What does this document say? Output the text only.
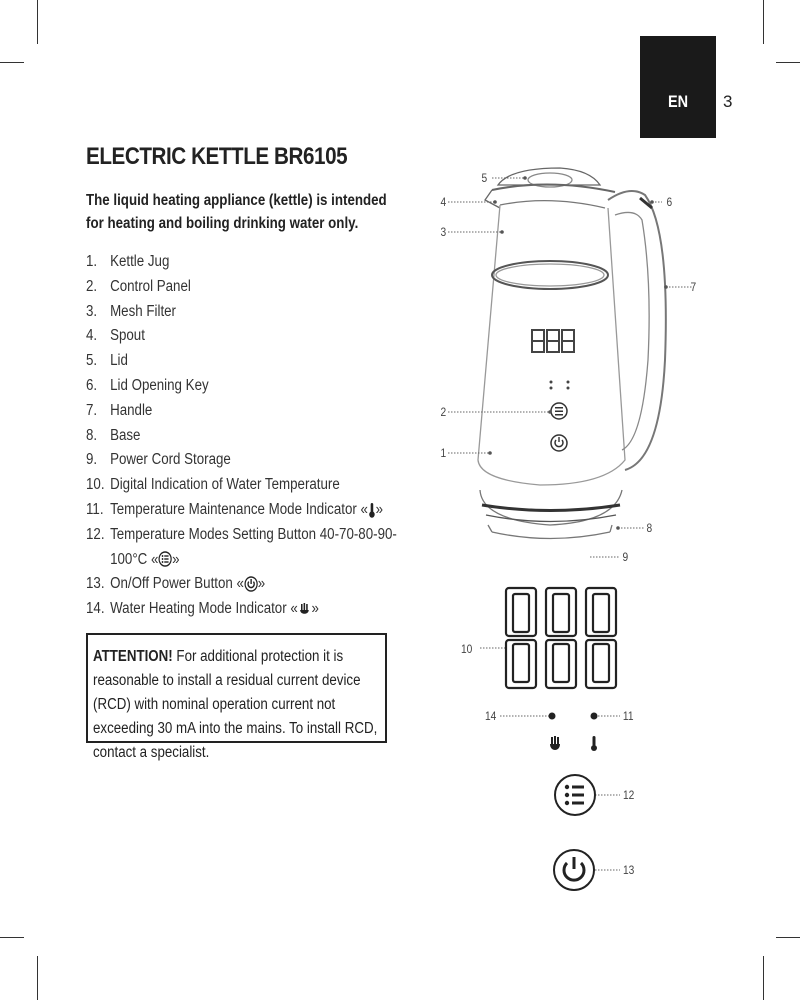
EN	3
ELECTRIC KETTLE BR6105
The liquid heating appliance (kettle) is intended for heating and boiling drinking water only.
1. Kettle Jug
2. Control Panel
3. Mesh Filter
4. Spout
5. Lid
6. Lid Opening Key
7. Handle
8. Base
9. Power Cord Storage
10. Digital Indication of Water Temperature
11. Temperature Maintenance Mode Indicator « »
12. Temperature Modes Setting Button 40-70-80-90-
100°C « »
13. On/Off Power Button « »
14. Water Heating Mode Indicator « »
ATTENTION! For additional protection it is reasonable to install a residual current device (RCD) with nominal operation current not exceeding 30 mA into the mains. To install RCD, contact a specialist.
5
4
3
6
7
2
1
8
9
10
14	11
12
13
